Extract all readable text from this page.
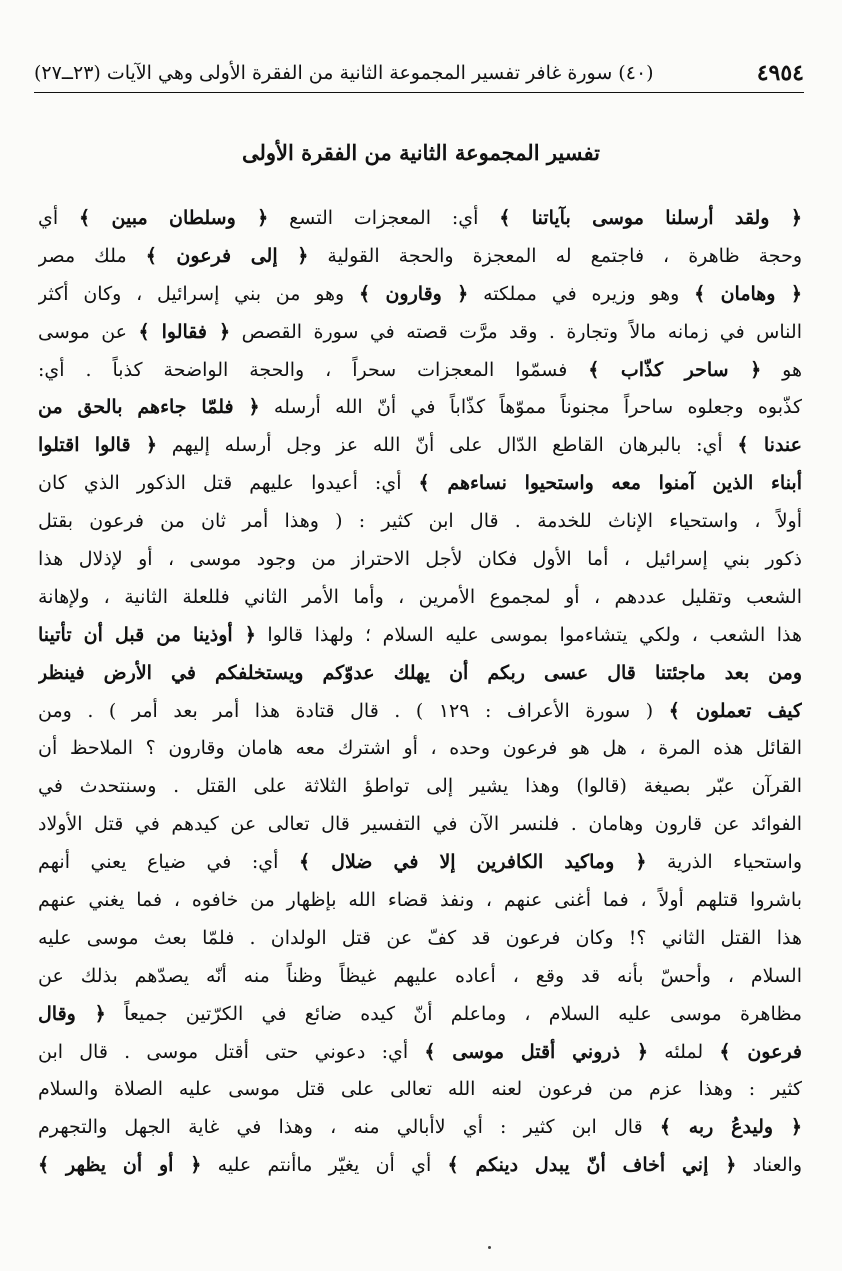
٤٩٥٤
(٤٠) سورة غافر تفسير المجموعة الثانية من الفقرة الأولى وهي الآيات (٢٣ــ٢٧)
تفسير المجموعة الثانية من الفقرة الأولى
﴿ ولقد أرسلنا موسى بآياتنا ﴾ أي: المعجزات التسع ﴿ وسلطان مبين ﴾ أي
وحجة ظاهرة ، فاجتمع له المعجزة والحجة القولية ﴿ إلى فرعون ﴾ ملك مصر
﴿ وهامان ﴾ وهو وزيره في مملكته ﴿ وقارون ﴾ وهو من بني إسرائيل ، وكان أكثر
الناس في زمانه مالاً وتجارة . وقد مرَّت قصته في سورة القصص ﴿ فقالوا ﴾ عن موسى
هو ﴿ ساحر كذّاب ﴾ فسمّوا المعجزات سحراً ، والحجة الواضحة كذباً . أي:
كذّبوه وجعلوه ساحراً مجنوناً مموّهاً كذّاباً في أنّ الله أرسله ﴿ فلمّا جاءهم بالحق من
عندنا ﴾ أي: بالبرهان القاطع الدّال على أنّ الله عز وجل أرسله إليهم ﴿ قالوا اقتلوا
أبناء الذين آمنوا معه واستحيوا نساءهم ﴾ أي: أعيدوا عليهم قتل الذكور الذي كان
أولاً ، واستحياء الإناث للخدمة . قال ابن كثير : ( وهذا أمر ثان من فرعون بقتل
ذكور بني إسرائيل ، أما الأول فكان لأجل الاحتراز من وجود موسى ، أو لإذلال هذا
الشعب وتقليل عددهم ، أو لمجموع الأمرين ، وأما الأمر الثاني فللعلة الثانية ، ولإهانة
هذا الشعب ، ولكي يتشاءموا بموسى عليه السلام ؛ ولهذا قالوا ﴿ أوذينا من قبل أن تأتينا
ومن بعد ماجئتنا قال عسى ربكم أن يهلك عدوّكم ويستخلفكم في الأرض فينظر
كيف تعملون ﴾ ( سورة الأعراف : ١٢٩ ) . قال قتادة هذا أمر بعد أمر ) . ومن
القائل هذه المرة ، هل هو فرعون وحده ، أو اشترك معه هامان وقارون ؟ الملاحظ أن
القرآن عبّر بصيغة (قالوا) وهذا يشير إلى تواطؤ الثلاثة على القتل . وسنتحدث في
الفوائد عن قارون وهامان . فلنسر الآن في التفسير قال تعالى عن كيدهم في قتل الأولاد
واستحياء الذرية ﴿ وماكيد الكافرين إلا في ضلال ﴾ أي: في ضياع يعني أنهم
باشروا قتلهم أولاً ، فما أغنى عنهم ، ونفذ قضاء الله بإظهار من خافوه ، فما يغني عنهم
هذا القتل الثاني ؟! وكان فرعون قد كفّ عن قتل الولدان . فلمّا بعث موسى عليه
السلام ، وأحسّ بأنه قد وقع ، أعاده عليهم غيظاً وظناً منه أنّه يصدّهم بذلك عن
مظاهرة موسى عليه السلام ، وماعلم أنّ كيده ضائع في الكرّتين جميعاً ﴿ وقال
فرعون ﴾ لملئه ﴿ ذروني أقتل موسى ﴾ أي: دعوني حتى أقتل موسى . قال ابن
كثير : وهذا عزم من فرعون لعنه الله تعالى على قتل موسى عليه الصلاة والسلام
﴿ وليدعُ ربه ﴾ قال ابن كثير : أي لاأبالي منه ، وهذا في غاية الجهل والتجهرم
والعناد ﴿ إني أخاف أنّ يبدل دينكم ﴾ أي أن يغيّر ماأنتم عليه ﴿ أو أن يظهر ﴾
